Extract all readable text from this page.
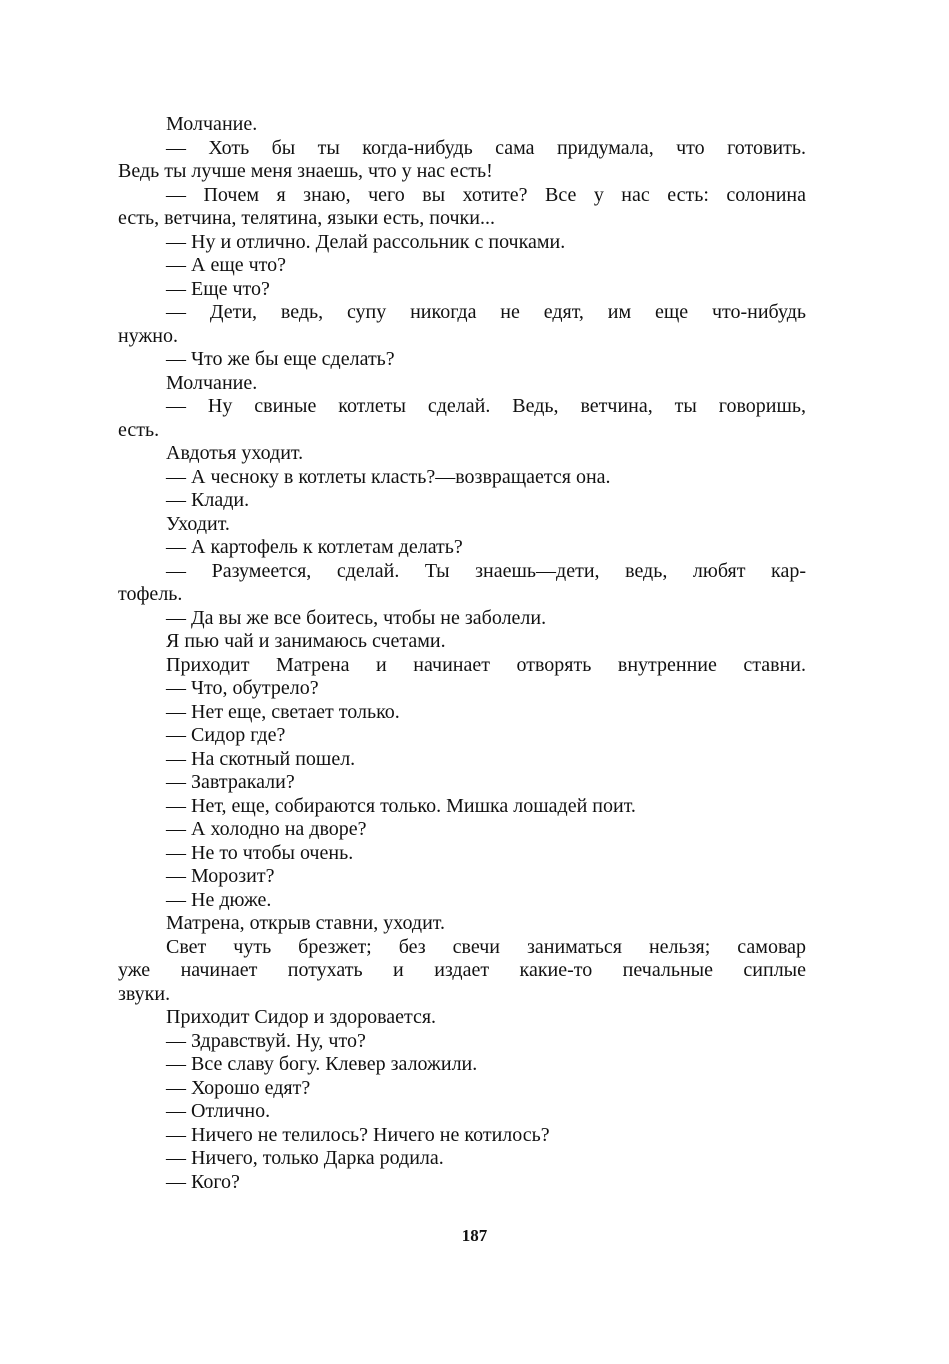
Молчание.
— Хоть бы ты когда-нибудь сама придумала, что готовить.
Ведь ты лучше меня знаешь, что у нас есть!
— Почем я знаю, чего вы хотите? Все у нас есть: солонина
есть, ветчина, телятина, языки есть, почки...
— Ну и отлично. Делай рассольник с почками.
— А еще что?
— Еще что?
— Дети, ведь, супу никогда не едят, им еще что-нибудь
нужно.
— Что же бы еще сделать?
Молчание.
— Ну свиные котлеты сделай. Ведь, ветчина, ты говоришь,
есть.
Авдотья уходит.
— А чесноку в котлеты класть?—возвращается она.
— Клади.
Уходит.
— А картофель к котлетам делать?
— Разумеется, сделай. Ты знаешь—дети, ведь, любят кар-
тофель.
— Да вы же все боитесь, чтобы не заболели.
Я пью чай и занимаюсь счетами.
Приходит Матрена и начинает отворять внутренние ставни.
— Что, обутрело?
— Нет еще, светает только.
— Сидор где?
— На скотный пошел.
— Завтракали?
— Нет, еще, собираются только. Мишка лошадей поит.
— А холодно на дворе?
— Не то чтобы очень.
— Морозит?
— Не дюже.
Матрена, открыв ставни, уходит.
Свет чуть брезжет; без свечи заниматься нельзя; самовар
уже начинает потухать и издает какие-то печальные сиплые
звуки.
Приходит Сидор и здоровается.
— Здравствуй. Ну, что?
— Все славу богу. Клевер заложили.
— Хорошо едят?
— Отлично.
— Ничего не телилось? Ничего не котилось?
— Ничего, только Дарка родила.
— Кого?
187
